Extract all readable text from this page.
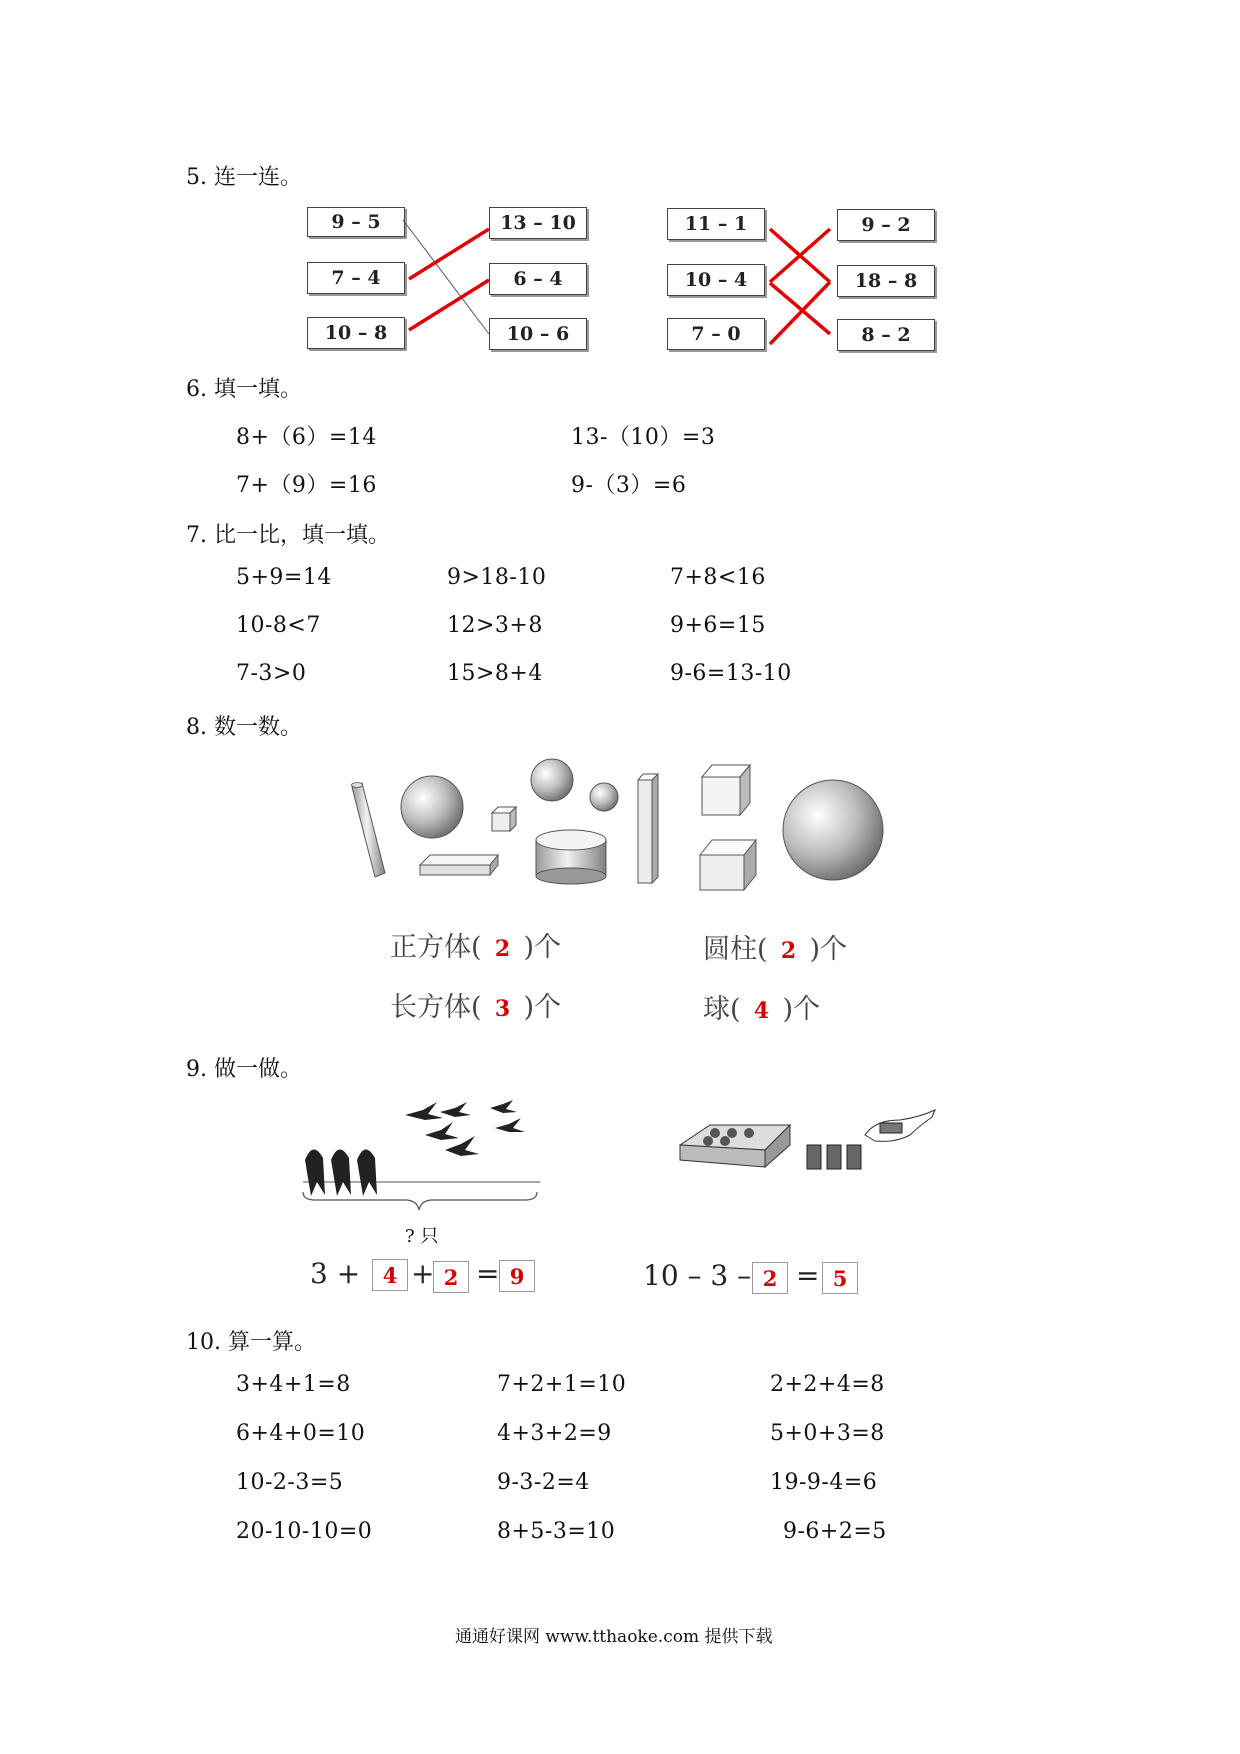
5. 连一连。
9 – 5
7 – 4
10 – 8
13 – 10
6 – 4
10 – 6
11 – 1
10 – 4
7 – 0
9 – 2
18 – 8
8 – 2
6. 填一填。
8+（6）=14	13-（10）=3
7+（9）=16	9-（3）=6
7. 比一比，填一填。
5+9=14	9>18-10	7+8<16
10-8<7	12>3+8	9+6=15
7-3>0	15>8+4	9-6=13-10
8. 数一数。
正方体( 2 )个	圆柱( 2 )个
长方体( 3 )个	球( 4 )个
9. 做一做。
? 只
3 +	4 + 2 = 9	10 – 3 – 2 = 5
10. 算一算。
3+4+1=8	7+2+1=10	2+2+4=8
6+4+0=10	4+3+2=9	5+0+3=8
10-2-3=5	9-3-2=4	19-9-4=6
20-10-10=0	8+5-3=10	9-6+2=5
通通好课网 www.tthaoke.com 提供下载
